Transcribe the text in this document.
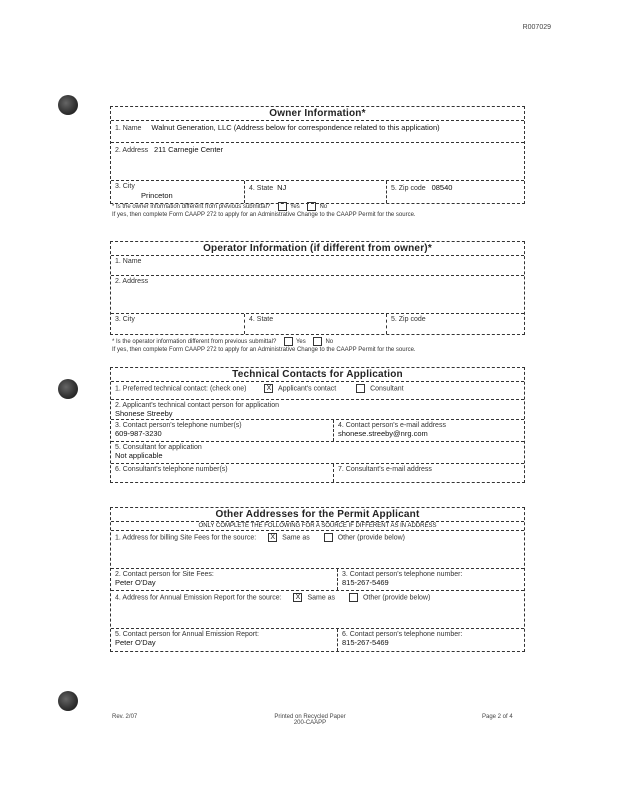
R007029
Owner Information*
1. Name Walnut Generation, LLC (Address below for correspondence related to this application)
2. Address 211 Carnegie Center
3. City
Princeton
4. State NJ	5. Zip code 08540
* Is the owner information different from previous submittal?	Yes	No
If yes, then complete Form CAAPP 272 to apply for an Administrative Change to the CAAPP Permit for the source.
Operator Information (if different from owner)*
1. Name
2. Address
3. City	4. State	5. Zip code
* Is the operator information different from previous submittal?	Yes	No
If yes, then complete Form CAAPP 272 to apply for an Administrative Change to the CAAPP Permit for the source.
Technical Contacts for Application
1. Preferred technical contact: (check one)	X Applicant's contact	Consultant
2. Applicant's technical contact person for application
Shonese Streeby
3. Contact person's telephone number(s)
609-987-3230
4. Contact person's e-mail address
shonese.streeby@nrg.com
5. Consultant for application
Not applicable
6. Consultant's telephone number(s)	7. Consultant's e-mail address
Other Addresses for the Permit Applicant
ONLY COMPLETE THE FOLLOWING FOR A SOURCE IF DIFFERENT AS IN ADDRESS
1. Address for billing Site Fees for the source: X Same as	Other (provide below)
2. Contact person for Site Fees:
Peter O'Day
3. Contact person's telephone number:
815-267-5469
4. Address for Annual Emission Report for the source: X Same as	Other (provide below)
5. Contact person for Annual Emission Report:
Peter O'Day
6. Contact person's telephone number:
815-267-5469
Rev. 2/07	Printed on Recycled Paper
200-CAAPP
Page 2 of 4
